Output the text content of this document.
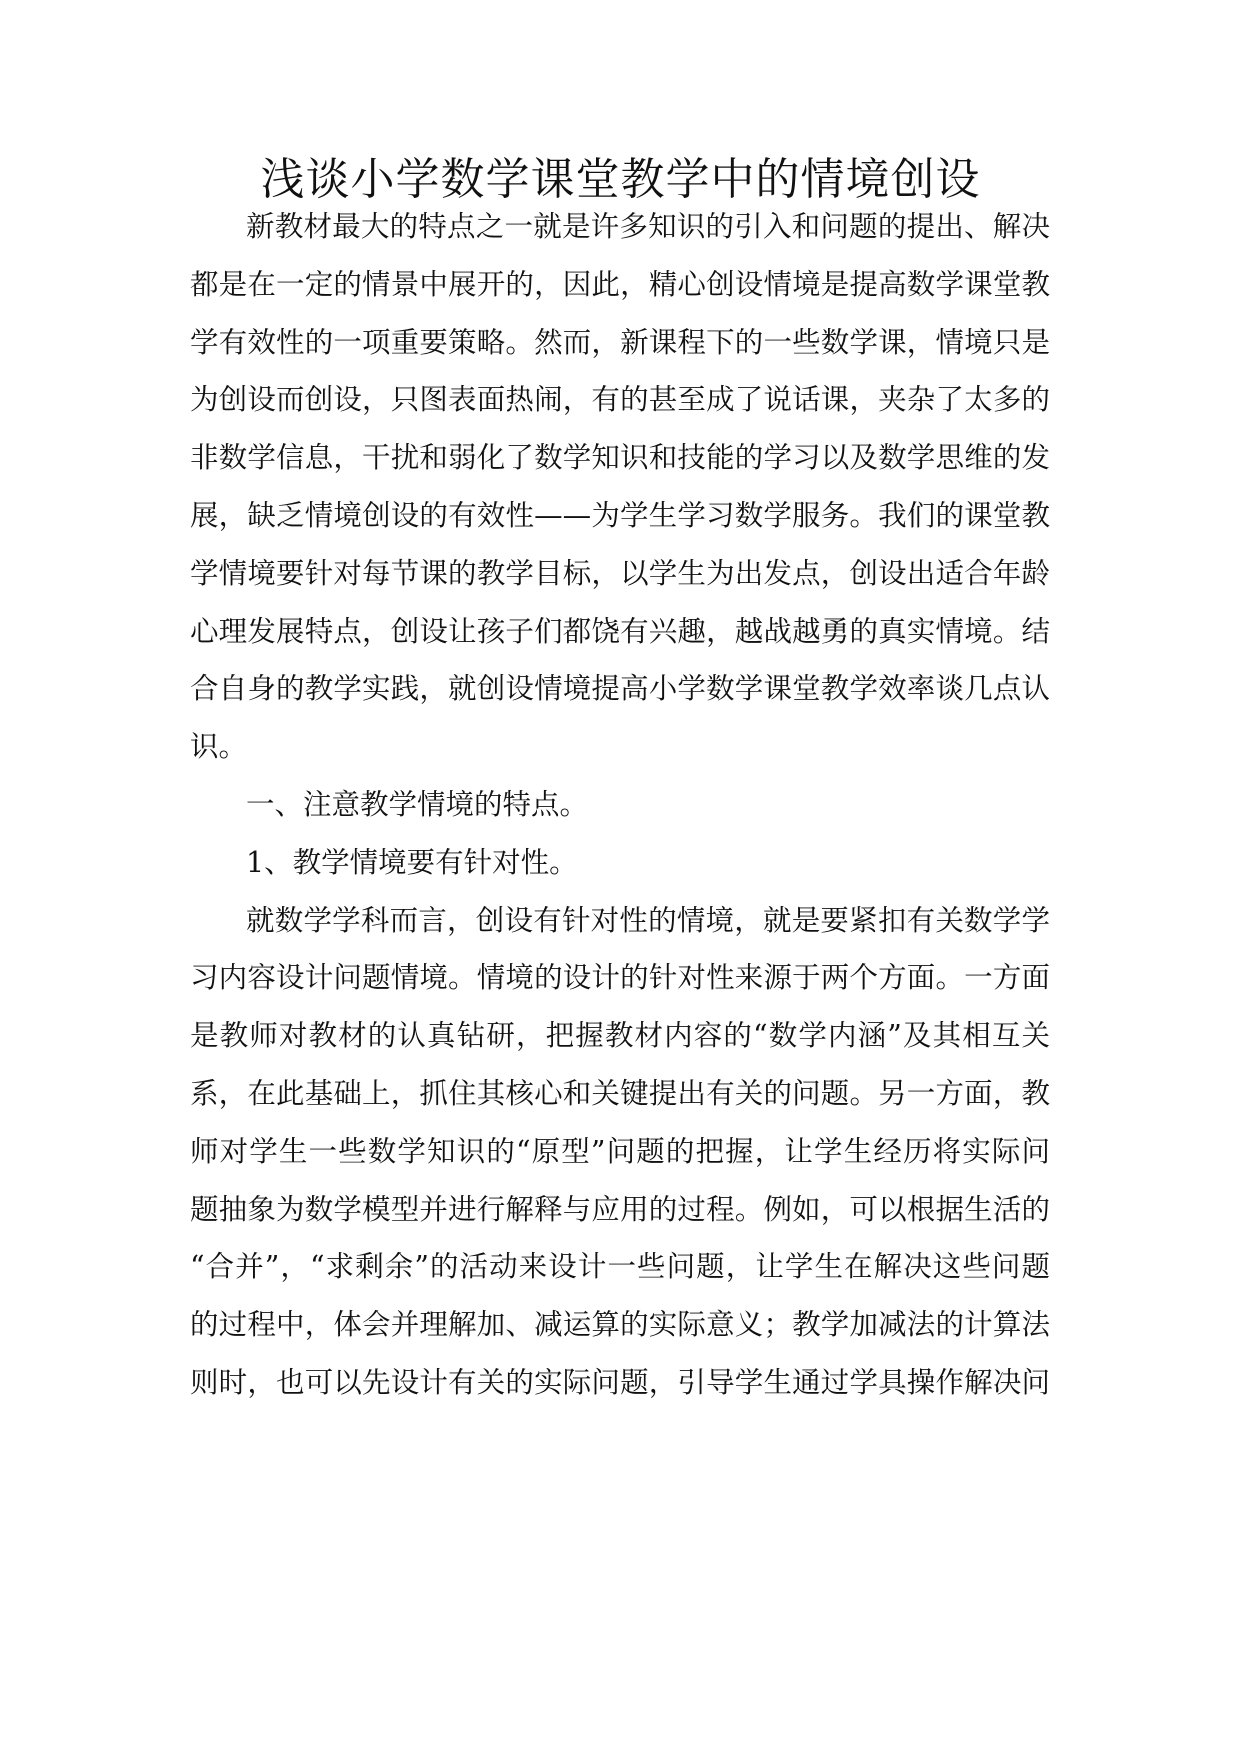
浅谈小学数学课堂教学中的情境创设

新教材最大的特点之一就是许多知识的引入和问题的提出、解决

都是在一定的情景中展开的，因此，精心创设情境是提高数学课堂教

学有效性的一项重要策略。然而，新课程下的一些数学课，情境只是

为创设而创设，只图表面热闹，有的甚至成了说话课，夹杂了太多的

非数学信息，干扰和弱化了数学知识和技能的学习以及数学思维的发

展，缺乏情境创设的有效性——为学生学习数学服务。我们的课堂教

学情境要针对每节课的教学目标，以学生为出发点，创设出适合年龄

心理发展特点，创设让孩子们都饶有兴趣，越战越勇的真实情境。结

合自身的教学实践，就创设情境提高小学数学课堂教学效率谈几点认

识。

一、注意教学情境的特点。

1、教学情境要有针对性。

就数学学科而言，创设有针对性的情境，就是要紧扣有关数学学

习内容设计问题情境。情境的设计的针对性来源于两个方面。一方面

是教师对教材的认真钻研，把握教材内容的“数学内涵”及其相互关

系，在此基础上，抓住其核心和关键提出有关的问题。另一方面，教

师对学生一些数学知识的“原型”问题的把握，让学生经历将实际问

题抽象为数学模型并进行解释与应用的过程。例如，可以根据生活的

“合并”，“求剩余”的活动来设计一些问题，让学生在解决这些问题

的过程中，体会并理解加、减运算的实际意义；教学加减法的计算法

则时，也可以先设计有关的实际问题，引导学生通过学具操作解决问
